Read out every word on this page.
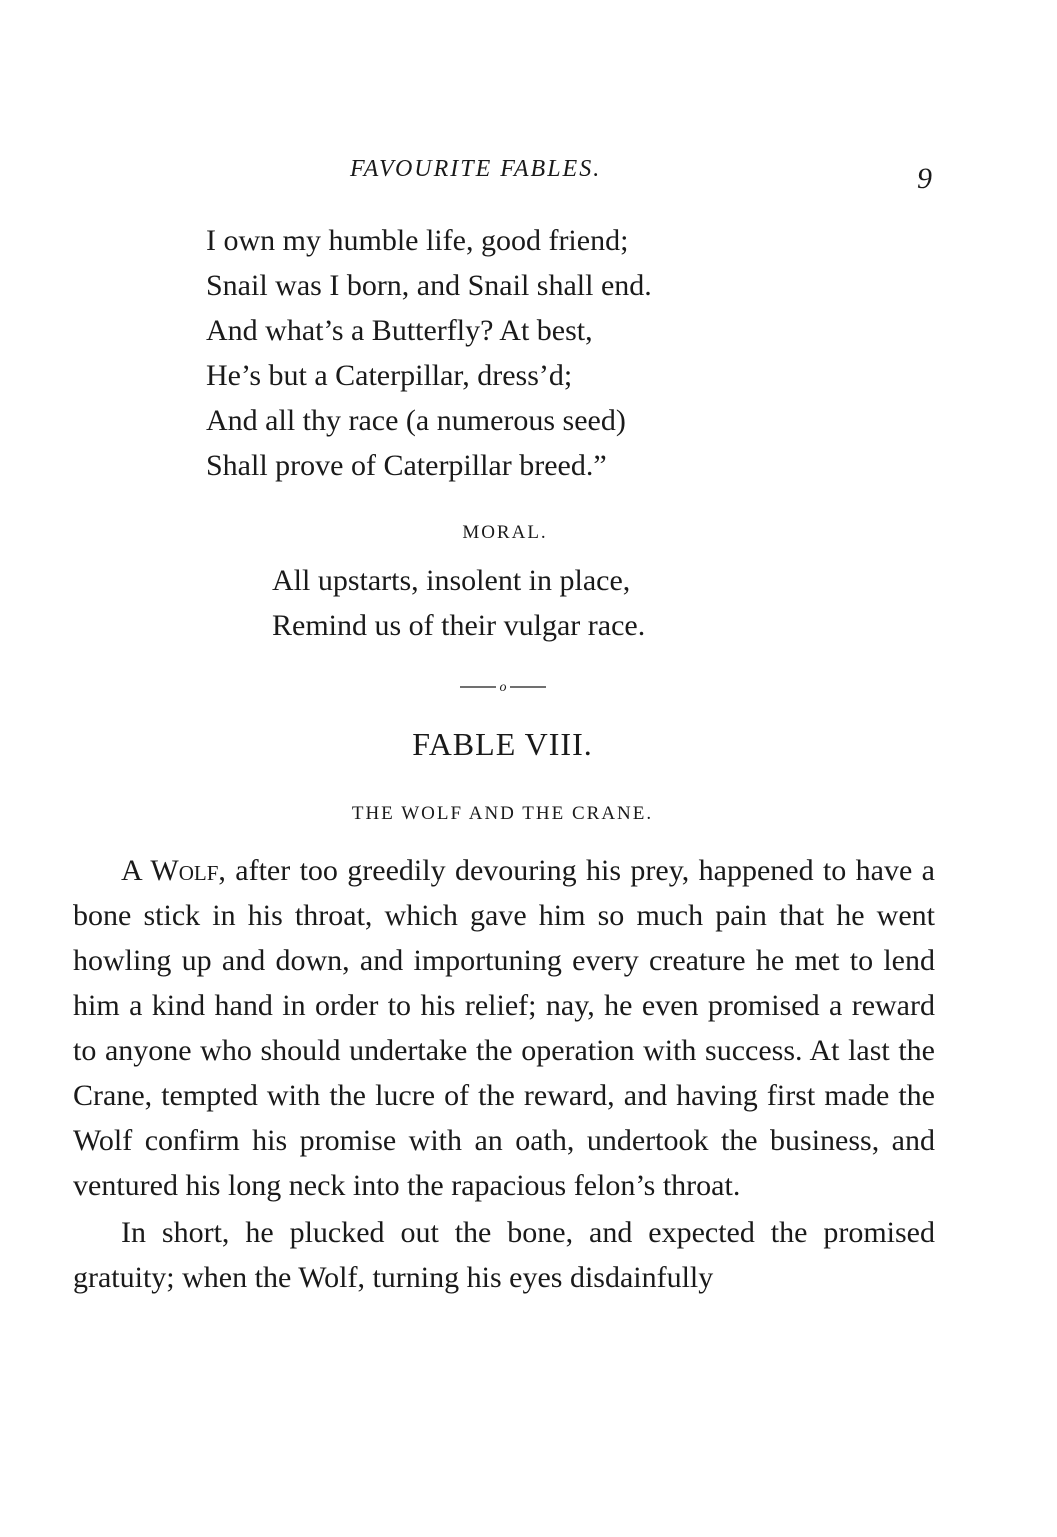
FAVOURITE FABLES.	9
I own my humble life, good friend;
Snail was I born, and Snail shall end.
And what’s a Butterfly? At best,
He’s but a Caterpillar, dress’d;
And all thy race (a numerous seed)
Shall prove of Caterpillar breed.”
MORAL.
All upstarts, insolent in place,
Remind us of their vulgar race.
o
FABLE VIII.
THE WOLF AND THE CRANE.

A Wolf, after too greedily devouring his prey, happened to have a bone stick in his throat, which gave him so much pain that he went howling up and down, and importuning every creature he met to lend him a kind hand in order to his relief; nay, he even promised a reward to anyone who should undertake the operation with success. At last the Crane, tempted with the lucre of the reward, and having first made the Wolf confirm his promise with an oath, undertook the business, and ventured his long neck into the rapacious felon’s throat.

In short, he plucked out the bone, and expected the promised gratuity; when the Wolf, turning his eyes disdainfully
